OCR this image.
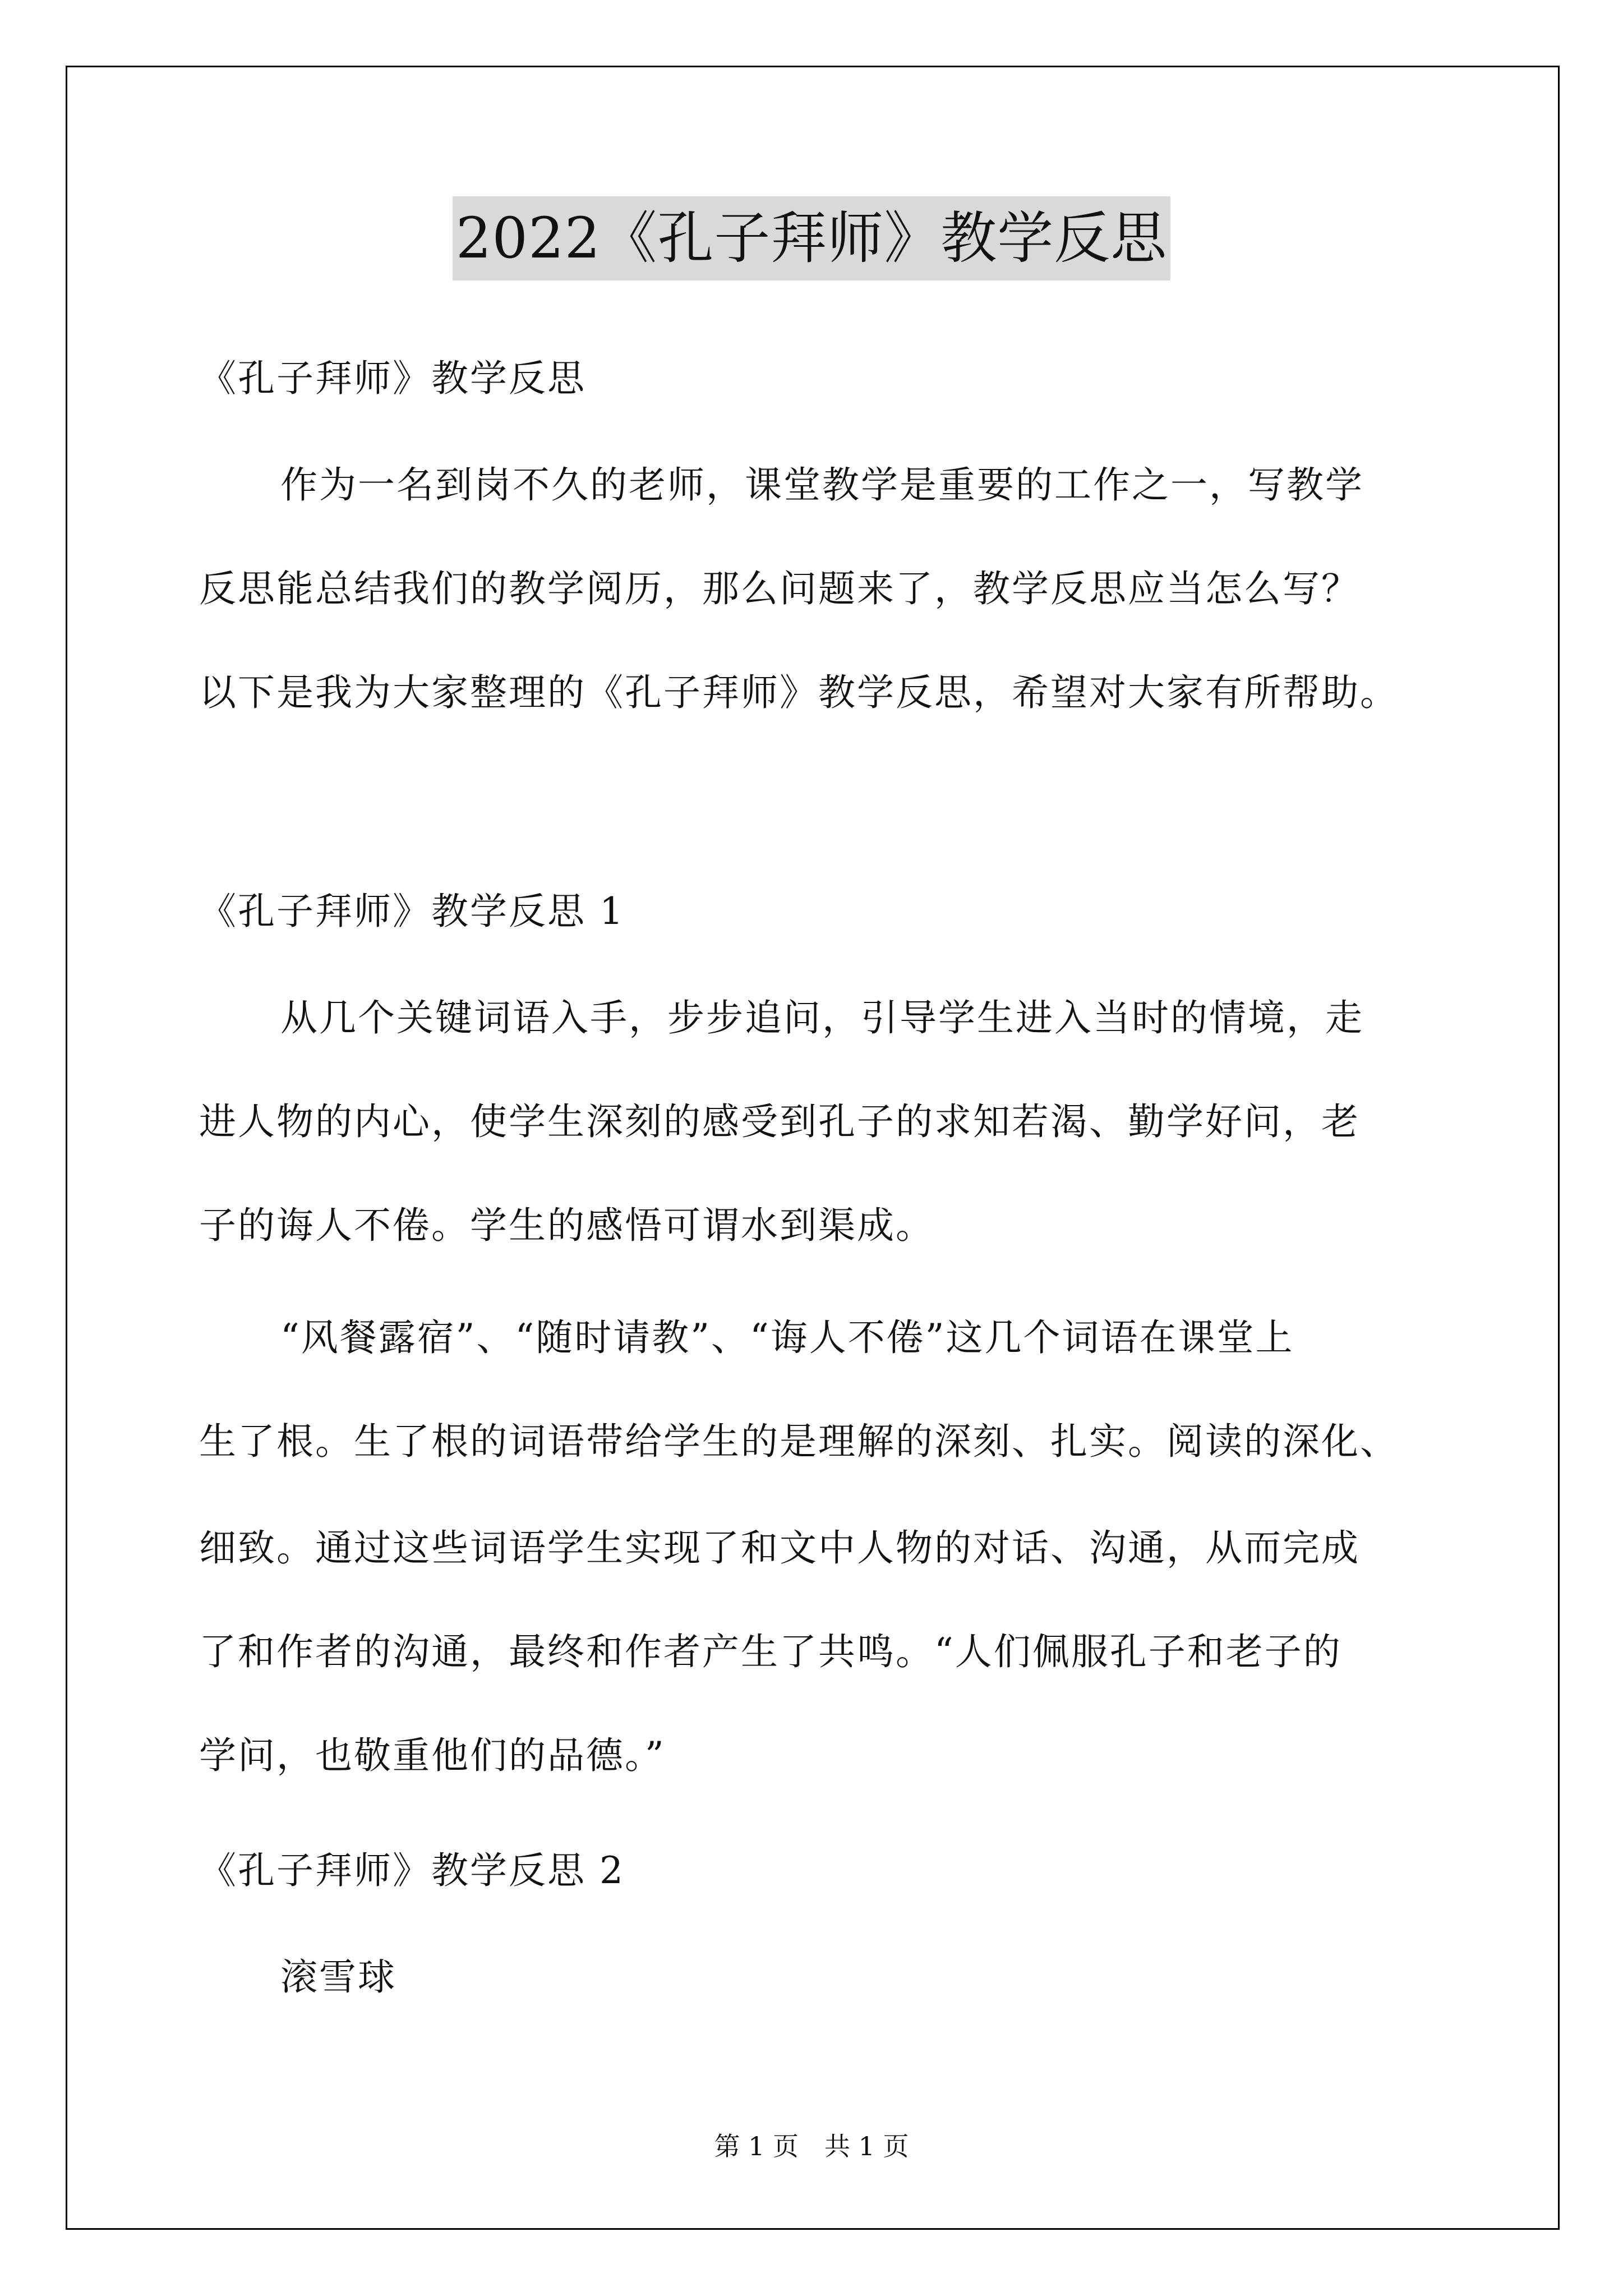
2022《孔子拜师》教学反思
《孔子拜师》教学反思
作为一名到岗不久的老师，课堂教学是重要的工作之一，写教学
反思能总结我们的教学阅历，那么问题来了，教学反思应当怎么写？
以下是我为大家整理的《孔子拜师》教学反思，希望对大家有所帮助。
《孔子拜师》教学反思 1
从几个关键词语入手，步步追问，引导学生进入当时的情境，走
进人物的内心，使学生深刻的感受到孔子的求知若渴、勤学好问，老
子的诲人不倦。学生的感悟可谓水到渠成。
“风餐露宿”、“随时请教”、“诲人不倦”这几个词语在课堂上
生了根。生了根的词语带给学生的是理解的深刻、扎实。阅读的深化、
细致。通过这些词语学生实现了和文中人物的对话、沟通，从而完成
了和作者的沟通，最终和作者产生了共鸣。“人们佩服孔子和老子的
学问，也敬重他们的品德。”
《孔子拜师》教学反思 2
滚雪球
第 1 页　共 1 页
